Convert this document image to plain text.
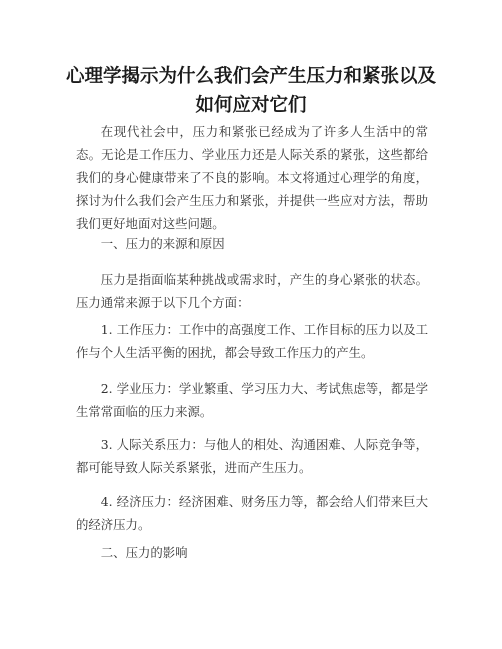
心理学揭示为什么我们会产生压力和紧张以及如何应对它们

在现代社会中，压力和紧张已经成为了许多人生活中的常态。无论是工作压力、学业压力还是人际关系的紧张，这些都给我们的身心健康带来了不良的影响。本文将通过心理学的角度，探讨为什么我们会产生压力和紧张，并提供一些应对方法，帮助我们更好地面对这些问题。

一、压力的来源和原因

压力是指面临某种挑战或需求时，产生的身心紧张的状态。压力通常来源于以下几个方面：

1. 工作压力：工作中的高强度工作、工作目标的压力以及工作与个人生活平衡的困扰，都会导致工作压力的产生。

2. 学业压力：学业繁重、学习压力大、考试焦虑等，都是学生常常面临的压力来源。

3. 人际关系压力：与他人的相处、沟通困难、人际竞争等，都可能导致人际关系紧张，进而产生压力。

4. 经济压力：经济困难、财务压力等，都会给人们带来巨大的经济压力。

二、压力的影响
